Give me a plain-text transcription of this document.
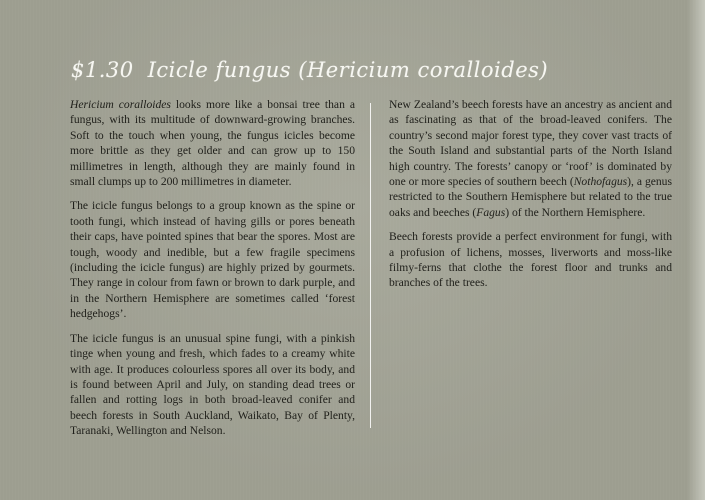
$1.30 Icicle fungus (Hericium coralloides)

Hericium coralloides looks more like a bonsai tree than a fungus, with its multitude of downward-growing branches. Soft to the touch when young, the fungus icicles become more brittle as they get older and can grow up to 150 millimetres in length, although they are mainly found in small clumps up to 200 millimetres in diameter.

The icicle fungus belongs to a group known as the spine or tooth fungi, which instead of having gills or pores beneath their caps, have pointed spines that bear the spores. Most are tough, woody and inedible, but a few fragile specimens (including the icicle fungus) are highly prized by gourmets. They range in colour from fawn or brown to dark purple, and in the Northern Hemisphere are sometimes called ‘forest hedgehogs’.

The icicle fungus is an unusual spine fungi, with a pinkish tinge when young and fresh, which fades to a creamy white with age. It produces colourless spores all over its body, and is found between April and July, on standing dead trees or fallen and rotting logs in both broad-leaved conifer and beech forests in South Auckland, Waikato, Bay of Plenty, Taranaki, Wellington and Nelson.

New Zealand’s beech forests have an ancestry as ancient and as fascinating as that of the broad-leaved conifers. The country’s second major forest type, they cover vast tracts of the South Island and substantial parts of the North Island high country. The forests’ canopy or ‘roof’ is dominated by one or more species of southern beech (Nothofagus), a genus restricted to the Southern Hemisphere but related to the true oaks and beeches (Fagus) of the Northern Hemisphere.

Beech forests provide a perfect environment for fungi, with a profusion of lichens, mosses, liverworts and moss-like filmy-ferns that clothe the forest floor and trunks and branches of the trees.
